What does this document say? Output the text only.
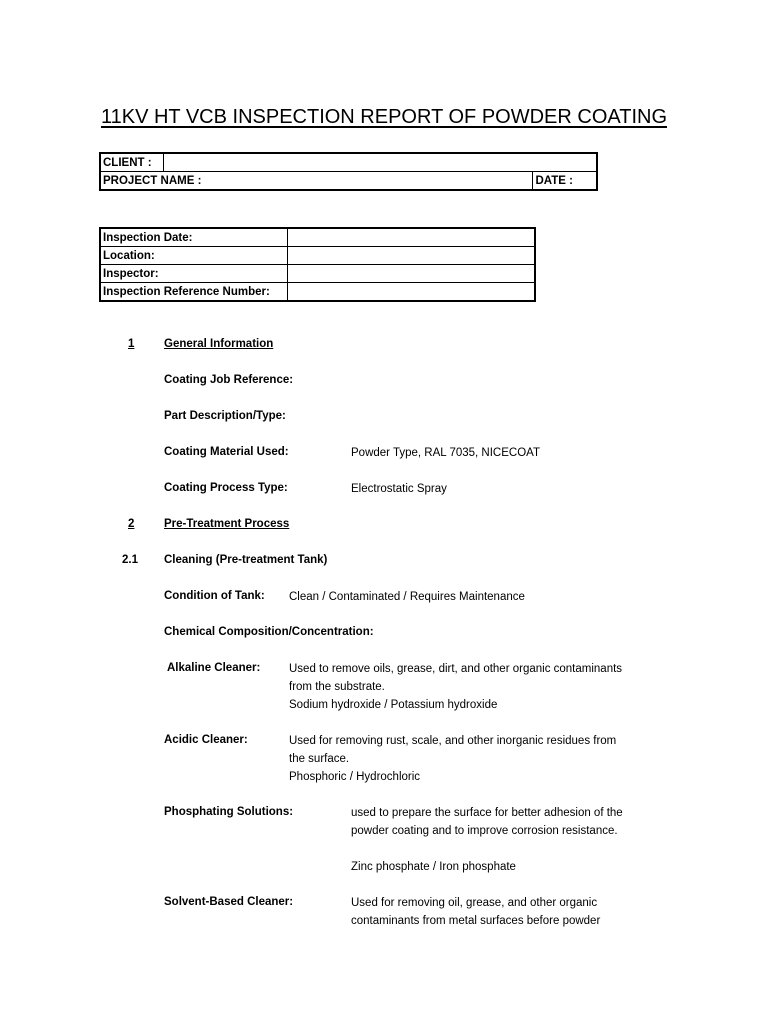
11KV HT VCB INSPECTION REPORT OF POWDER COATING
CLIENT :		
PROJECT NAME :		DATE :
Inspection Date:	
Location:	
Inspector:	
Inspection Reference Number:	
1	General Information
Coating Job Reference:
Part Description/Type:
Coating Material Used:	Powder Type, RAL 7035, NICECOAT
Coating Process Type:	Electrostatic Spray
2	Pre-Treatment Process
2.1 Cleaning (Pre-treatment Tank)
Condition of Tank: Clean / Contaminated / Requires Maintenance
Chemical Composition/Concentration:
Alkaline Cleaner: Used to remove oils, grease, dirt, and other organic contaminants
from the substrate.
Sodium hydroxide / Potassium hydroxide
Acidic Cleaner:	Used for removing rust, scale, and other inorganic residues from
the surface.
Phosphoric / Hydrochloric
Phosphating Solutions:	used to prepare the surface for better adhesion of the
powder coating and to improve corrosion resistance.
Zinc phosphate / Iron phosphate
Solvent-Based Cleaner:	Used for removing oil, grease, and other organic
contaminants from metal surfaces before powder
